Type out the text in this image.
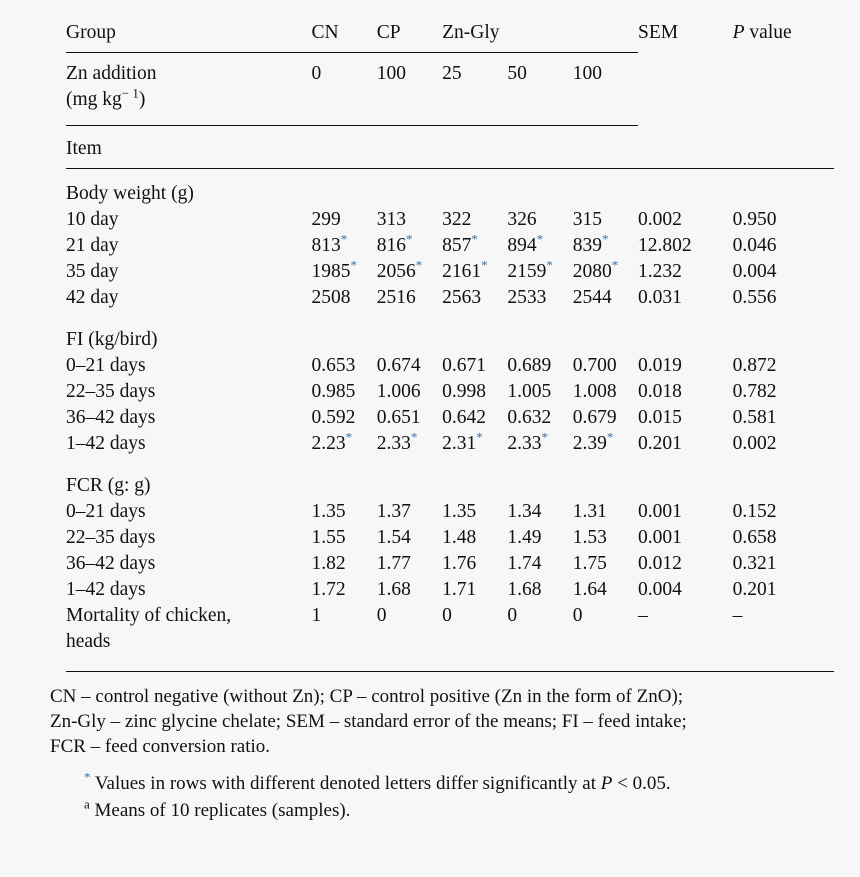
Group	CN	CP	Zn-Gly			SEM	P value

Zn addition	0	100	25	50	100		
(mg $kg^{- 1}$)							

Item							

Body weight (g)							
10 day	299	313	322	326	315	0.002	0.950
21 day	813*	816*	857*	894*	839*	12.802	0.046
35 day	1985*	2056*	2161*	2159*	2080*	1.232	0.004
42 day	2508	2516	2563	2533	2544	0.031	0.556

FI (kg/bird)							
0–21 days	0.653	0.674	0.671	0.689	0.700	0.019	0.872
22–35 days	0.985	1.006	0.998	1.005	1.008	0.018	0.782
36–42 days	0.592	0.651	0.642	0.632	0.679	0.015	0.581
1–42 days	2.23*	2.33*	2.31*	2.33*	2.39*	0.201	0.002

FCR (g: g)							
0–21 days	1.35	1.37	1.35	1.34	1.31	0.001	0.152
22–35 days	1.55	1.54	1.48	1.49	1.53	0.001	0.658
36–42 days	1.82	1.77	1.76	1.74	1.75	0.012	0.321
1–42 days	1.72	1.68	1.71	1.68	1.64	0.004	0.201
Mortality of chicken,	1	0	0	0	0	–	–
heads							

CN – control negative (without Zn); CP – control positive (Zn in the form of ZnO);
Zn-Gly – zinc glycine chelate; SEM – standard error of the means; FI – feed intake;
FCR – feed conversion ratio.
* Values in rows with different denoted letters differ significantly at P < 0.05.
$^a$ Means of 10 replicates (samples).
